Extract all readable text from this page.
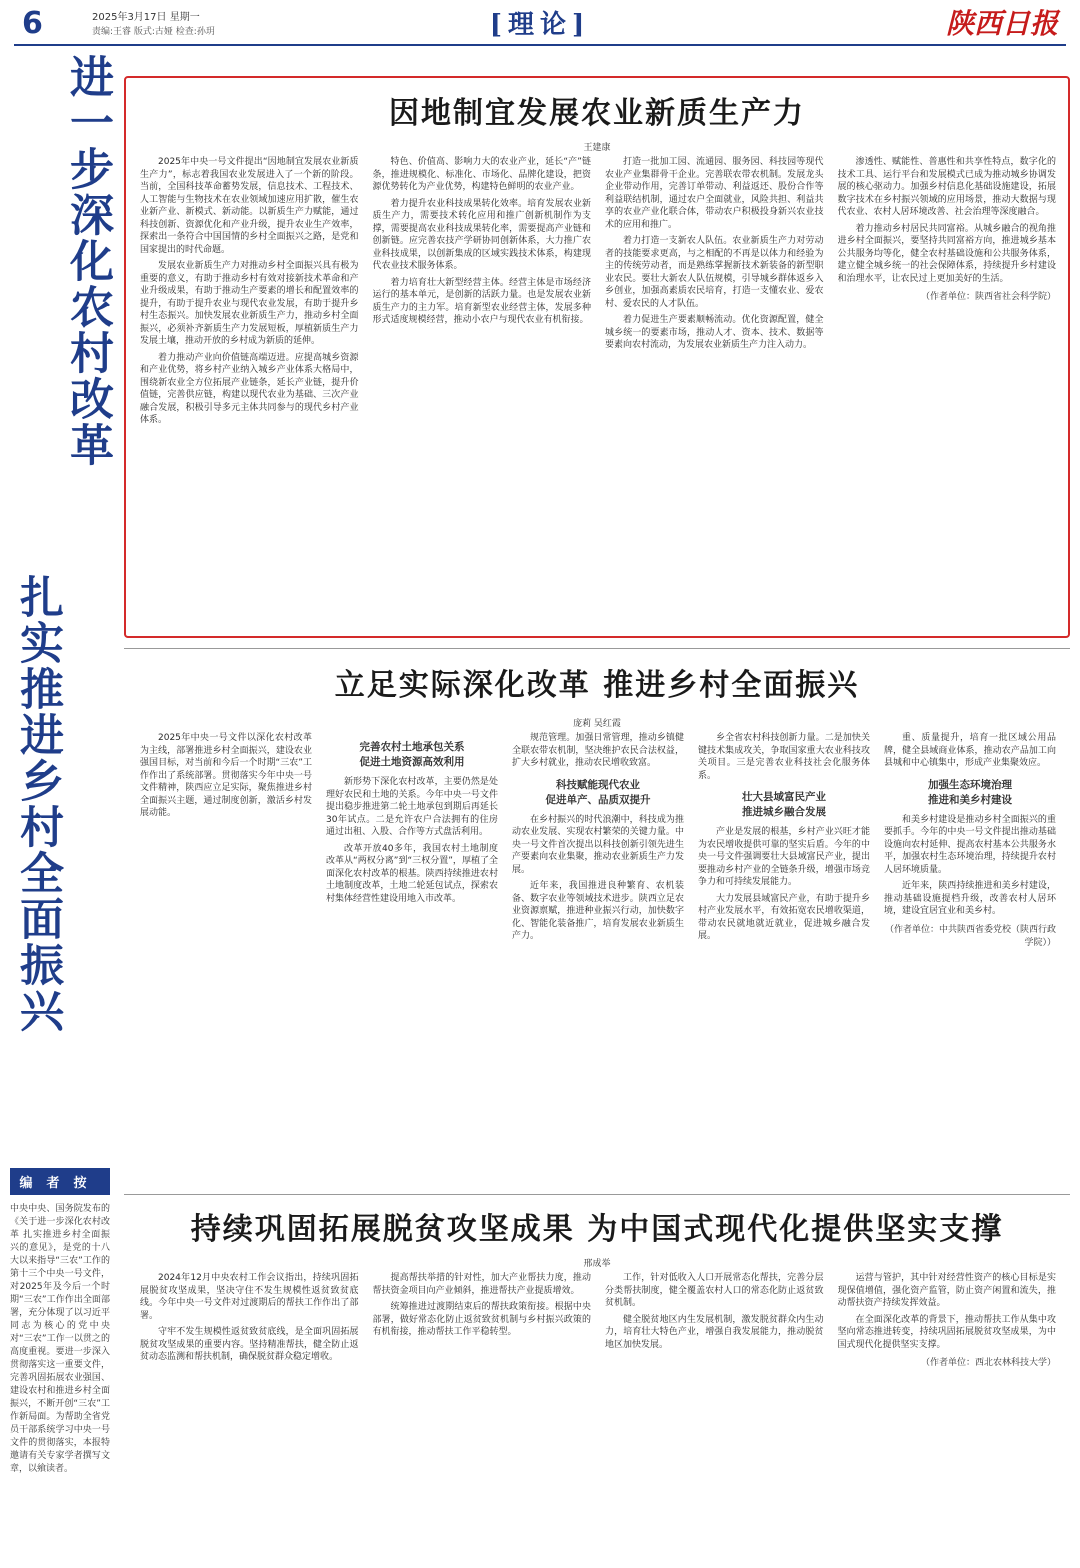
6	2025年3月17日 星期一
责编:王睿 版式:古娅 检查:孙玥	[理论]	陕西日报
进一步深化农村改革
扎实推进乡村全面振兴
编者按
中央中央、国务院发布的《关于进一步深化农村改革 扎实推进乡村全面振兴的意见》，是党的十八大以来指导“三农”工作的第十三个中央一号文件，对2025年及今后一个时期“三农”工作作出全面部署，充分体现了以习近平同志为核心的党中央对“三农”工作一以贯之的高度重视。要进一步深入贯彻落实这一重要文件，完善巩固拓展农业强国、建设农村和推进乡村全面振兴，不断开创“三农”工作新局面。为帮助全省党员干部系统学习中央一号文件的贯彻落实，本报特邀请有关专家学者撰写文章，以飨读者。
因地制宜发展农业新质生产力
王建康

2025年中央一号文件提出“因地制宜发展农业新质生产力”，标志着我国农业发展进入了一个新的阶段。当前，全国科技革命蓄势发展，信息技术、工程技术、人工智能与生物技术在农业领域加速应用扩散，催生农业新产业、新模式、新动能。以新质生产力赋能，通过科技创新、资源优化和产业升级，提升农业生产效率，探索出一条符合中国国情的乡村全面振兴之路，是党和国家提出的时代命题。

发展农业新质生产力对推动乡村全面振兴具有极为重要的意义，有助于推动乡村有效对接新技术革命和产业升级成果，有助于推动生产要素的增长和配置效率的提升，有助于提升农业与现代农业发展，有助于提升乡村生态振兴。加快发展农业新质生产力，推动乡村全面振兴，必须补齐新质生产力发展短板，厚植新质生产力发展土壤，推动开放的乡村成为新质的延伸。

着力推动产业向价值链高端迈进。应提高城乡资源和产业优势，将乡村产业纳入城乡产业体系大格局中，围绕新农业全方位拓展产业链条，延长产业链，提升价值链，完善供应链，构建以现代农业为基础、三次产业融合发展，积极引导多元主体共同参与的现代乡村产业体系。

特色、价值高、影响力大的农业产业，延长“产”链条，推进规模化、标准化、市场化、品牌化建设，把资源优势转化为产业优势，构建特色鲜明的农业产业。

着力提升农业科技成果转化效率。培育发展农业新质生产力，需要技术转化应用和推广创新机制作为支撑，需要提高农业科技成果转化率，需要提高产业链和创新链。应完善农技产学研协同创新体系，大力推广农业科技成果，以创新集成的区域实践技术体系，构建现代农业技术服务体系。

着力培育壮大新型经营主体。经营主体是市场经济运行的基本单元，是创新的活跃力量。也是发展农业新质生产力的主力军。培育新型农业经营主体，发展多种形式适度规模经营，推动小农户与现代农业有机衔接。

打造一批加工园、流通园、服务园、科技园等现代农业产业集群骨干企业。完善联农带农机制。发展龙头企业带动作用，完善订单带动、利益返还、股份合作等利益联结机制，通过农户全面就业，风险共担、利益共享的农业产业化联合体，带动农户积极投身新兴农业技术的应用和推广。

着力打造一支新农人队伍。农业新质生产力对劳动者的技能要求更高，与之相配的不再是以体力和经验为主的传统劳动者，而是熟练掌握新技术新装备的新型职业农民。要壮大新农人队伍规模，引导城乡群体返乡入乡创业，加强高素质农民培育，打造一支懂农业、爱农村、爱农民的人才队伍。

着力促进生产要素顺畅流动。优化资源配置，健全城乡统一的要素市场，推动人才、资本、技术、数据等要素向农村流动，为发展农业新质生产力注入动力。

渗透性、赋能性、普惠性和共享性特点，数字化的技术工具、运行平台和发展模式已成为推动城乡协调发展的核心驱动力。加强乡村信息化基础设施建设，拓展数字技术在乡村振兴领域的应用场景，推动大数据与现代农业、农村人居环境改善、社会治理等深度融合。

着力推动乡村居民共同富裕。从城乡融合的视角推进乡村全面振兴，要坚持共同富裕方向，推进城乡基本公共服务均等化，健全农村基础设施和公共服务体系，建立健全城乡统一的社会保障体系，持续提升乡村建设和治理水平，让农民过上更加美好的生活。

（作者单位：陕西省社会科学院）
立足实际深化改革 推进乡村全面振兴
庞莉 吴红霞

2025年中央一号文件以深化农村改革为主线，部署推进乡村全面振兴，建设农业强国目标，对当前和今后一个时期“三农”工作作出了系统部署。贯彻落实今年中央一号文件精神，陕西应立足实际，聚焦推进乡村全面振兴主题，通过制度创新，激活乡村发展动能。

完善农村土地承包关系
促进土地资源高效利用

新形势下深化农村改革，主要仍然是处理好农民和土地的关系。今年中央一号文件提出稳步推进第二轮土地承包到期后再延长30年试点。二是允许农户合法拥有的住房通过出租、入股、合作等方式盘活利用。

改革开放40多年，我国农村土地制度改革从“两权分离”到“三权分置”，厚植了全面深化农村改革的根基。陕西持续推进农村土地制度改革，土地二轮延包试点，探索农村集体经营性建设用地入市改革。

规范管理。加强日常管理，推动乡镇健全联农带农机制，坚决维护农民合法权益，扩大乡村就业，推动农民增收致富。

科技赋能现代农业
促进单产、品质双提升

在乡村振兴的时代浪潮中，科技成为推动农业发展、实现农村繁荣的关键力量。中央一号文件首次提出以科技创新引领先进生产要素向农业集聚，推动农业新质生产力发展。

近年来，我国推进良种繁育、农机装备、数字农业等领域技术进步。陕西立足农业资源禀赋，推进种业振兴行动，加快数字化、智能化装备推广，培育发展农业新质生产力。

乡全省农村科技创新力量。二是加快关键技术集成攻关，争取国家重大农业科技攻关项目。三是完善农业科技社会化服务体系。

壮大县域富民产业
推进城乡融合发展

产业是发展的根基，乡村产业兴旺才能为农民增收提供可靠的坚实后盾。今年的中央一号文件强调要壮大县域富民产业，提出要推动乡村产业的全链条升级，增强市场竞争力和可持续发展能力。

大力发展县域富民产业，有助于提升乡村产业发展水平，有效拓宽农民增收渠道，带动农民就地就近就业，促进城乡融合发展。

重、质量提升，培育一批区域公用品牌，健全县域商业体系，推动农产品加工向县城和中心镇集中，形成产业集聚效应。

加强生态环境治理
推进和美乡村建设

和美乡村建设是推动乡村全面振兴的重要抓手。今年的中央一号文件提出推动基础设施向农村延伸、提高农村基本公共服务水平，加强农村生态环境治理，持续提升农村人居环境质量。

近年来，陕西持续推进和美乡村建设，推动基础设施提档升级，改善农村人居环境，建设宜居宜业和美乡村。

（作者单位：中共陕西省委党校（陕西行政学院））
持续巩固拓展脱贫攻坚成果 为中国式现代化提供坚实支撑
邢成举

2024年12月中央农村工作会议指出，持续巩固拓展脱贫攻坚成果，坚决守住不发生规模性返贫致贫底线。今年中央一号文件对过渡期后的帮扶工作作出了部署。

守牢不发生规模性返贫致贫底线，是全面巩固拓展脱贫攻坚成果的重要内容。坚持精准帮扶，健全防止返贫动态监测和帮扶机制，确保脱贫群众稳定增收。

提高帮扶举措的针对性，加大产业帮扶力度，推动帮扶资金项目向产业倾斜，推进帮扶产业提质增效。

统筹推进过渡期结束后的帮扶政策衔接。根据中央部署，做好常态化防止返贫致贫机制与乡村振兴政策的有机衔接，推动帮扶工作平稳转型。

工作，针对低收入人口开展常态化帮扶，完善分层分类帮扶制度，健全覆盖农村人口的常态化防止返贫致贫机制。

健全脱贫地区内生发展机制，激发脱贫群众内生动力，培育壮大特色产业，增强自我发展能力，推动脱贫地区加快发展。

运营与管护，其中针对经营性资产的核心目标是实现保值增值，强化资产监管，防止资产闲置和流失，推动帮扶资产持续发挥效益。

在全面深化改革的背景下，推动帮扶工作从集中攻坚向常态推进转变，持续巩固拓展脱贫攻坚成果，为中国式现代化提供坚实支撑。

（作者单位：西北农林科技大学）
